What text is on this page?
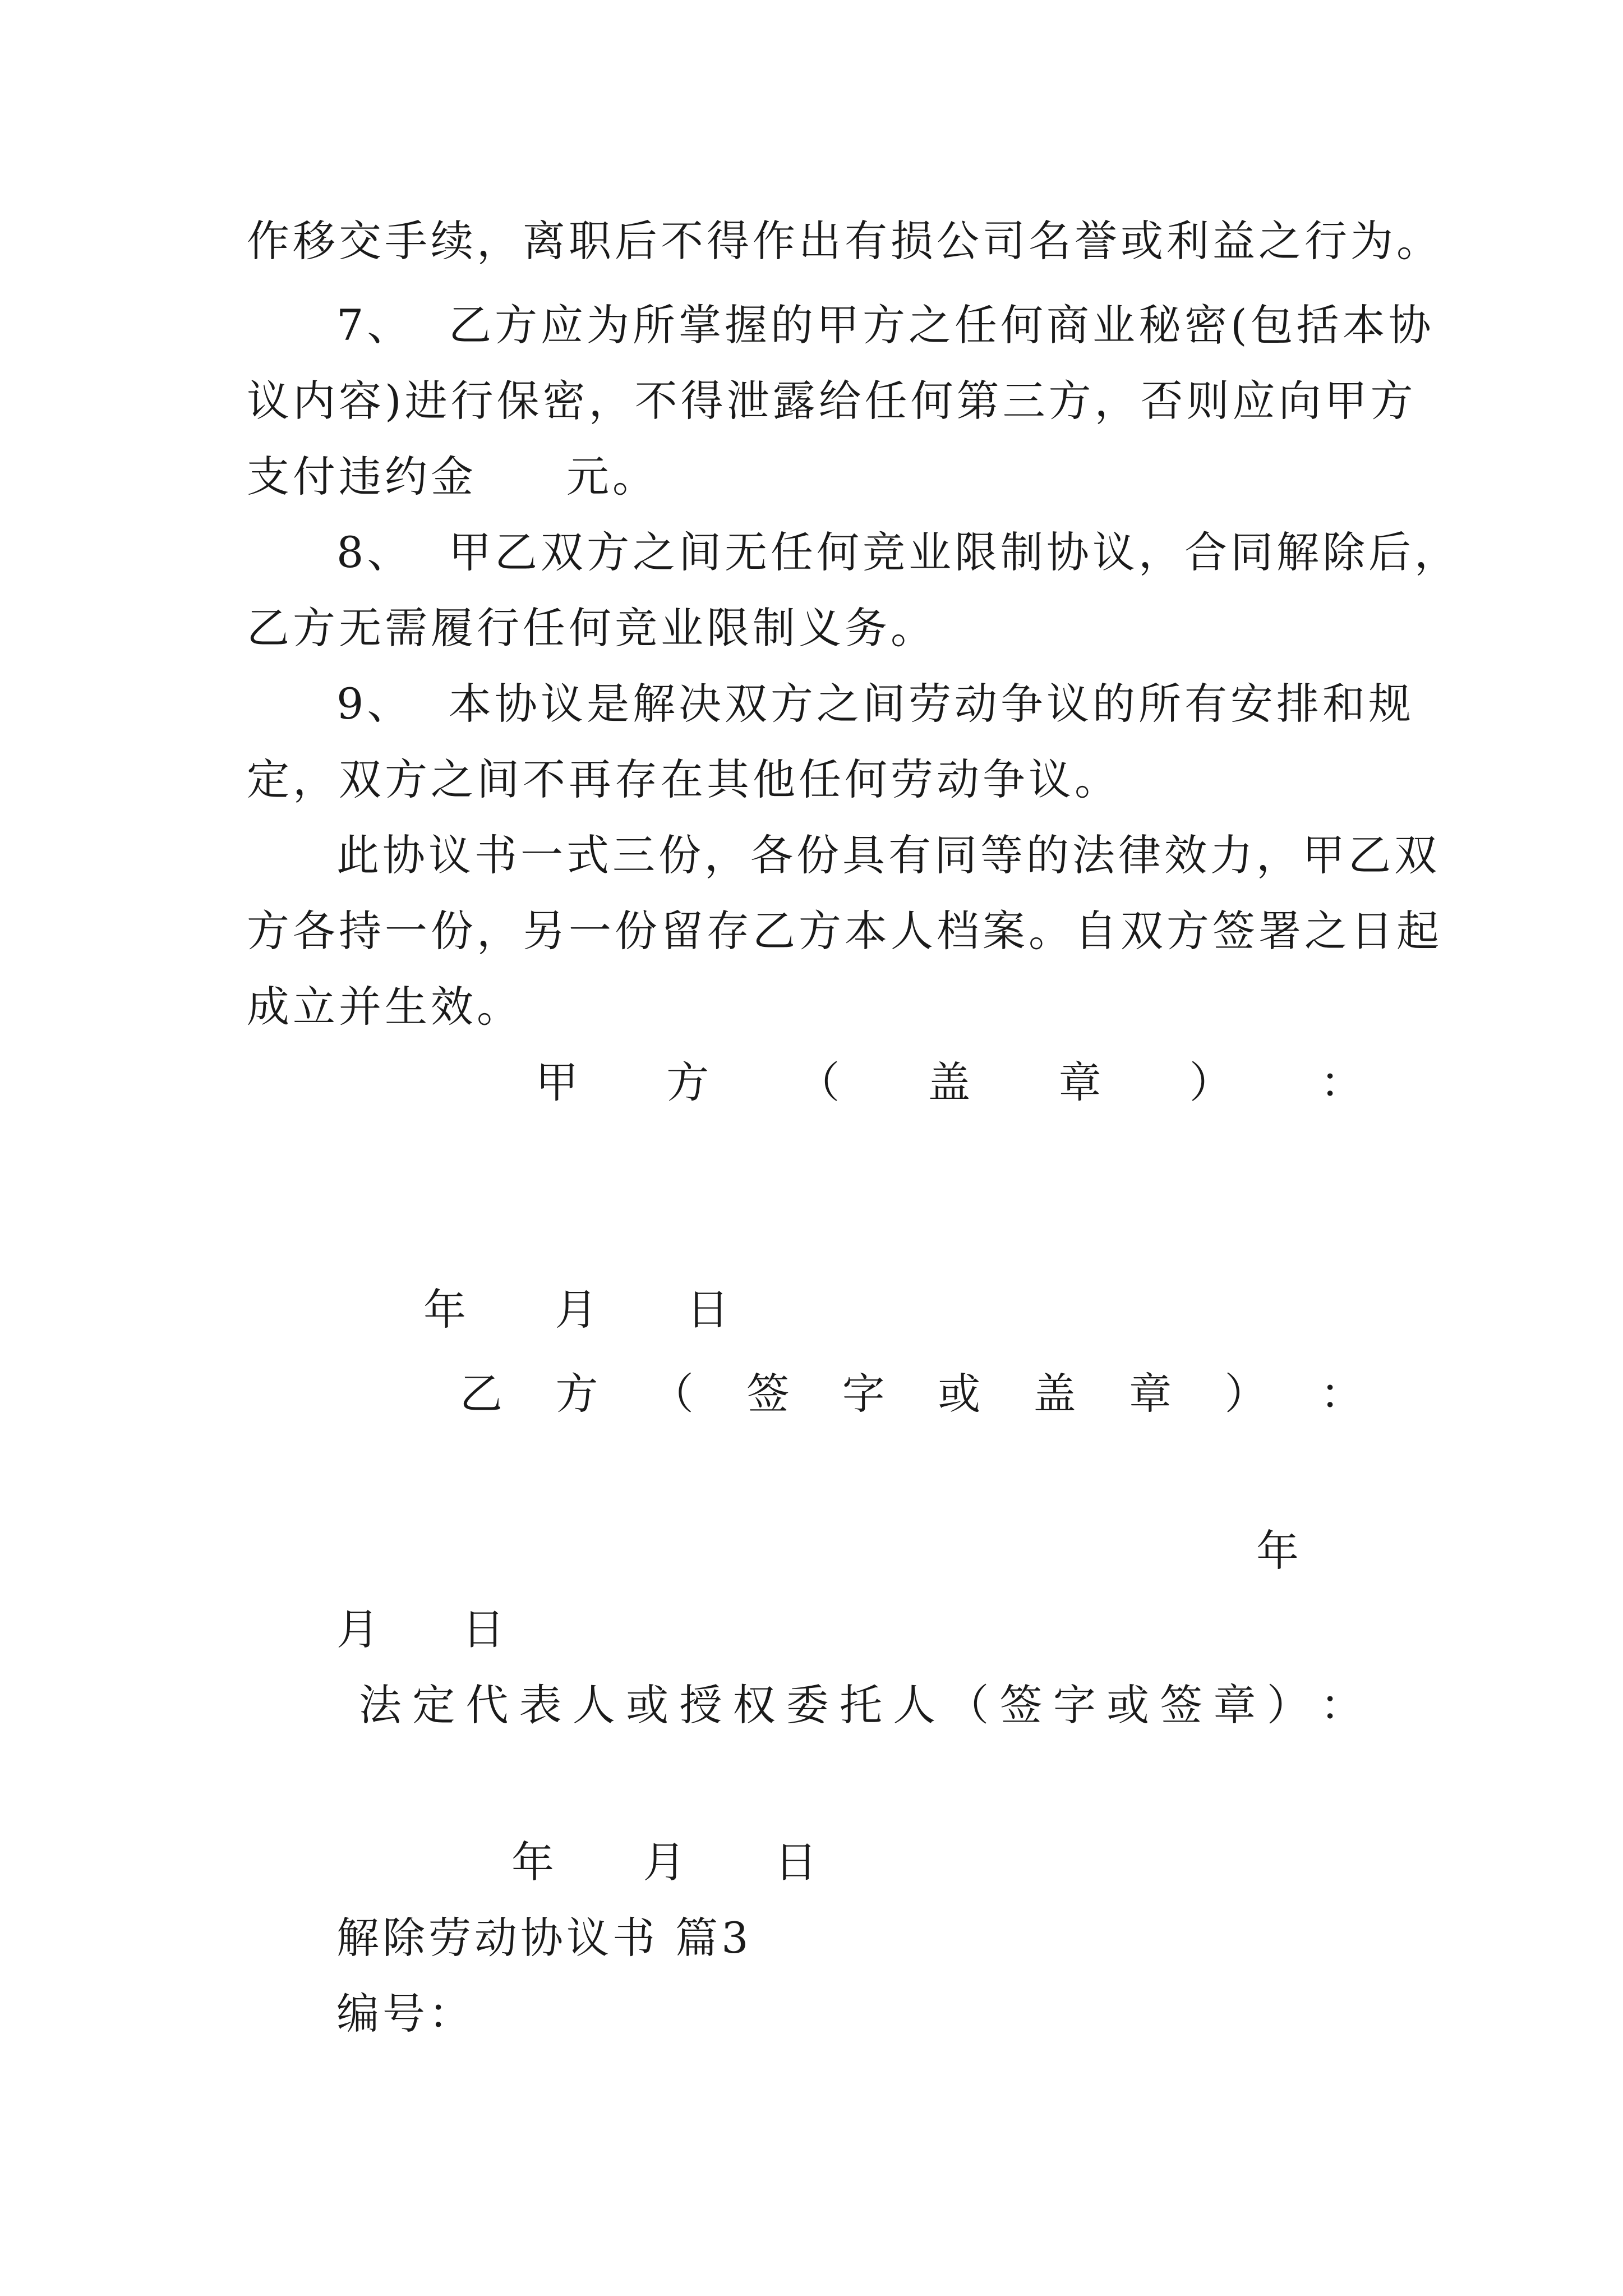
作移交手续，离职后不得作出有损公司名誉或利益之行为。
7、 乙方应为所掌握的甲方之任何商业秘密(包括本协
议内容)进行保密，不得泄露给任何第三方，否则应向甲方
支付违约金 元。
8、 甲乙双方之间无任何竞业限制协议，合同解除后，
乙方无需履行任何竞业限制义务。
9、 本协议是解决双方之间劳动争议的所有安排和规
定，双方之间不再存在其他任何劳动争议。
此协议书一式三份，各份具有同等的法律效力，甲乙双
方各持一份，另一份留存乙方本人档案。自双方签署之日起
成立并生效。
甲 方 （ 盖 章 ） ：
年 月 日
乙 方 （ 签 字 或 盖 章 ） ：
年
月 日
法 定 代 表 人 或 授 权 委 托 人 （ 签 字 或 签 章 ） ：
年 月 日
解除劳动协议书 篇3
编号：
